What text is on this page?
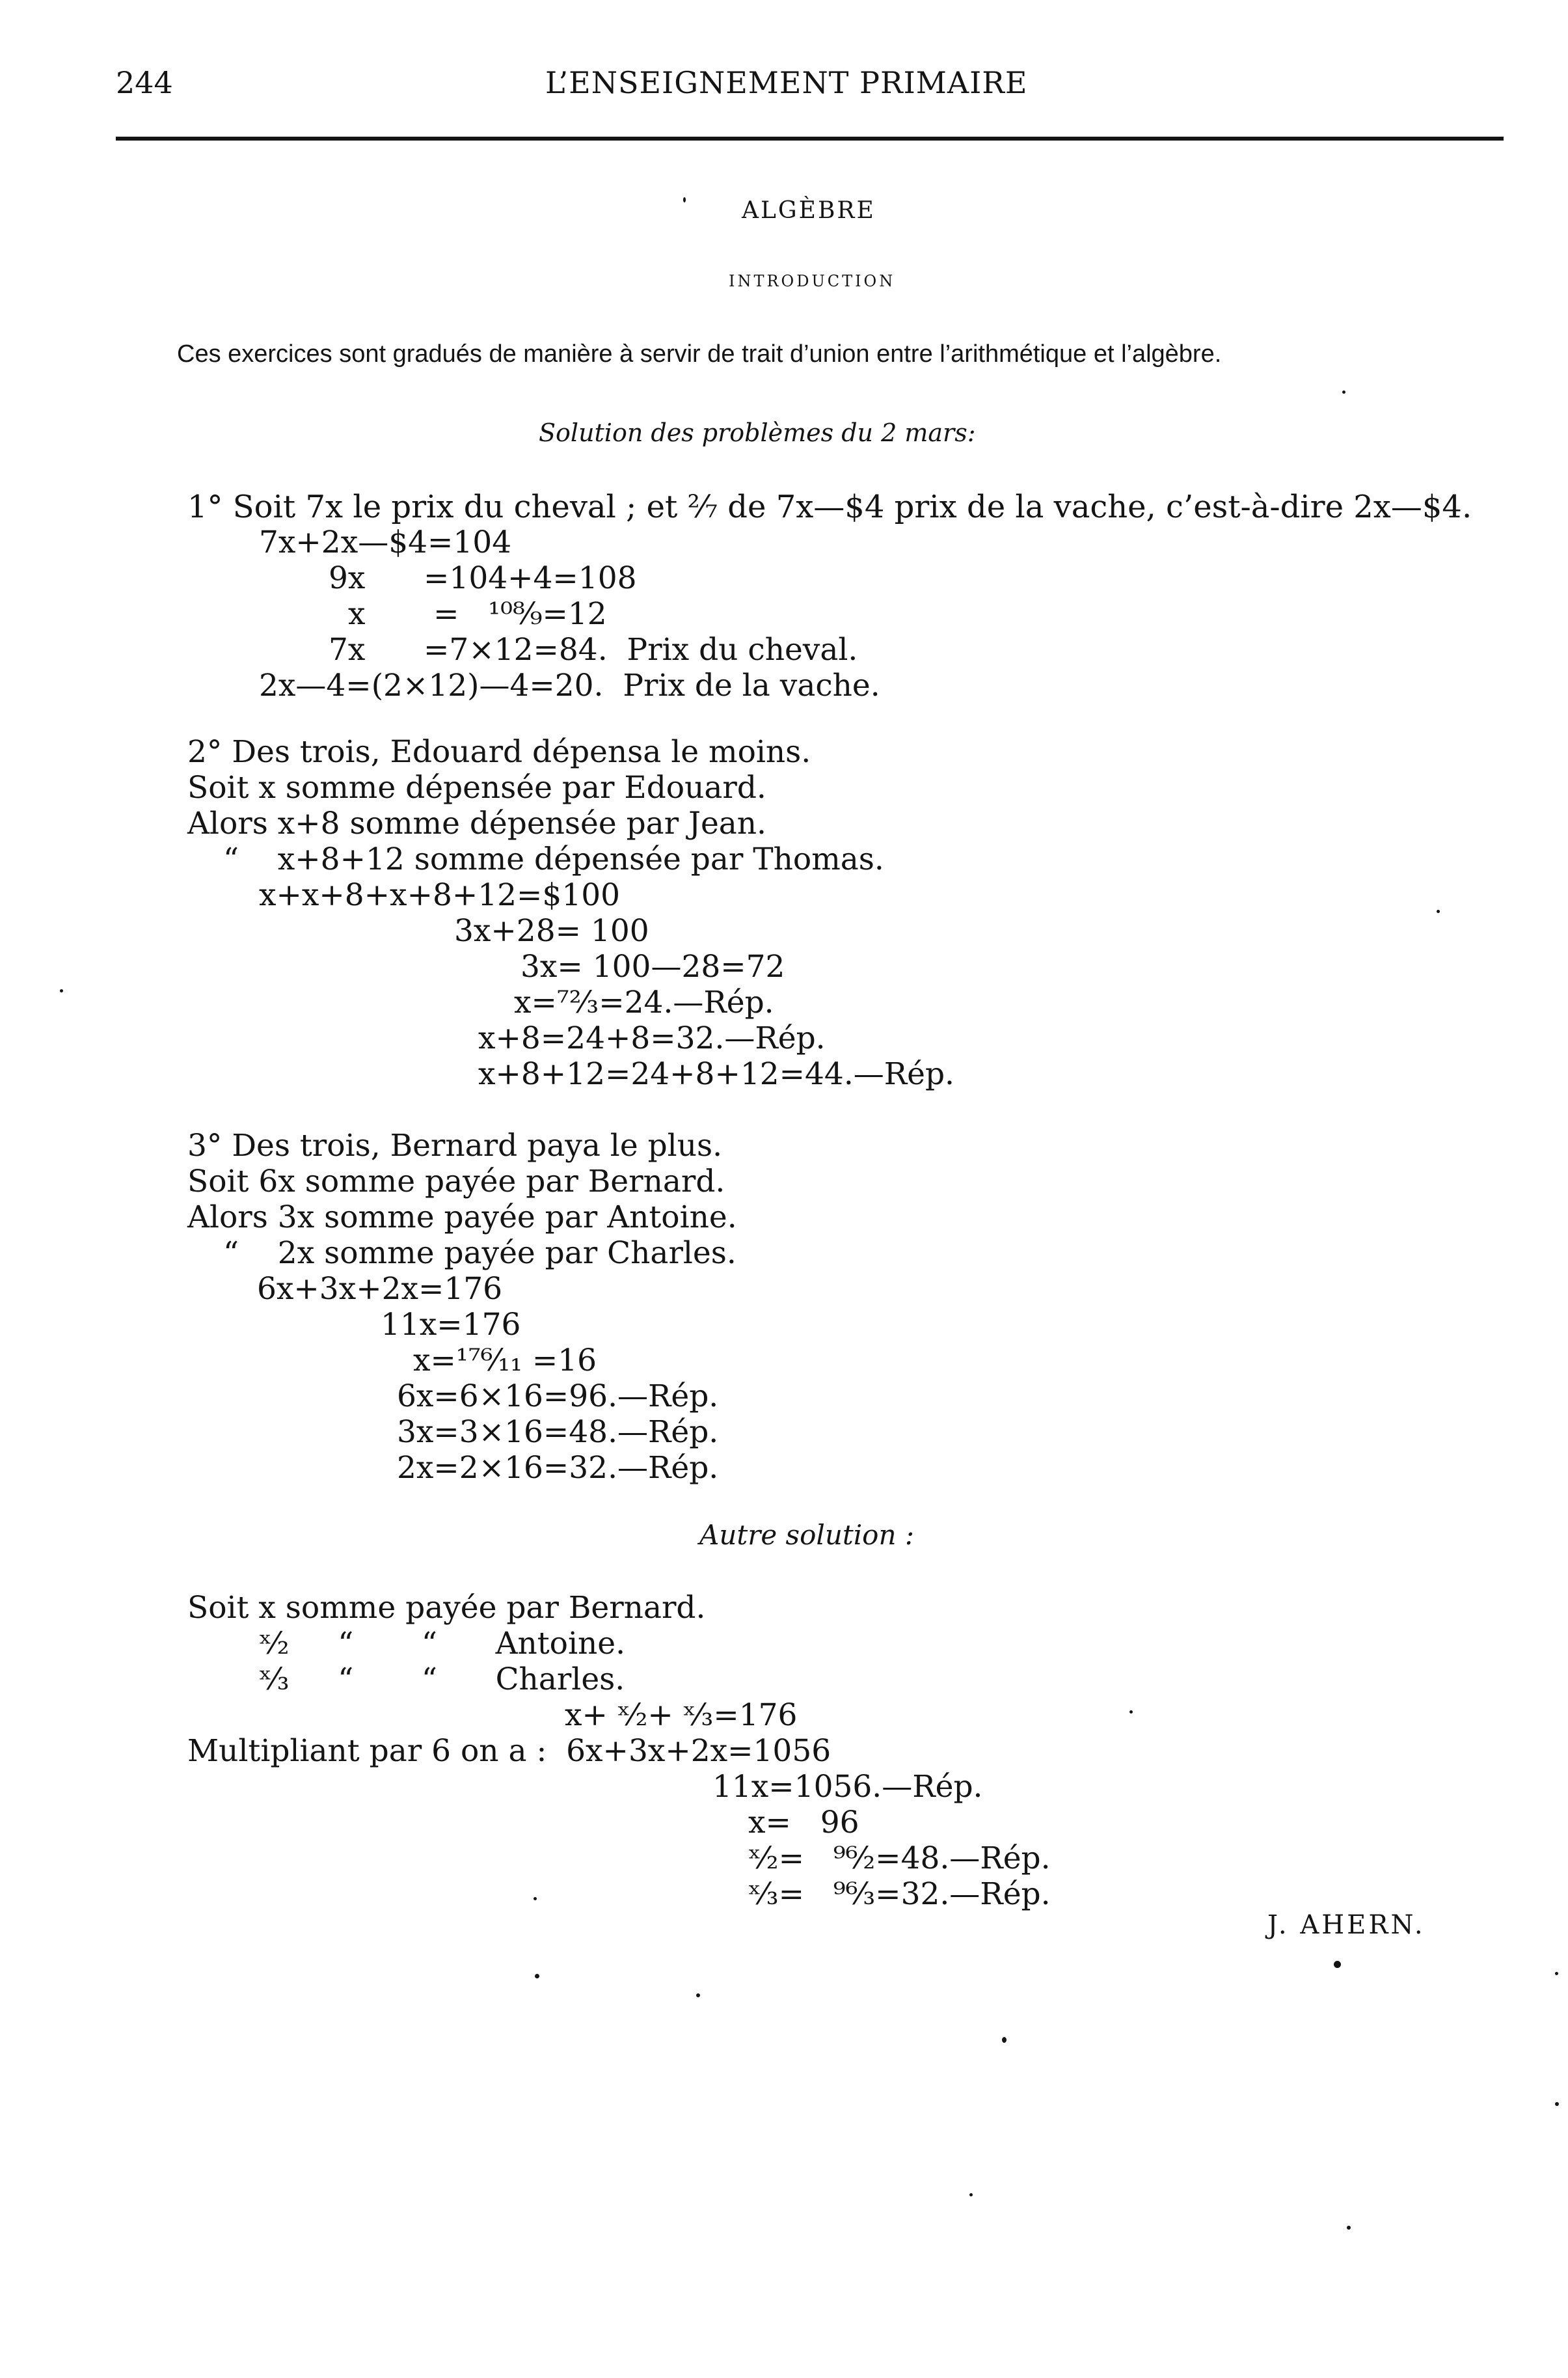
244	L’ENSEIGNEMENT PRIMAIRE
ALGÈBRE
INTRODUCTION
Ces exercices sont gradués de manière à servir de trait d’union entre l’arithmétique et l’algèbre.
Solution des problèmes du 2 mars:
1° Soit 7x le prix du cheval ; et ²⁄₇ de 7x—$4 prix de la vache, c’est-à-dire 2x—$4.
7x+2x—$4=104
9x      =104+4=108
x       =   ¹⁰⁸⁄₉=12
7x      =7×12=84.  Prix du cheval.
2x—4=(2×12)—4=20.  Prix de la vache.
2° Des trois, Edouard dépensa le moins.
Soit x somme dépensée par Edouard.
Alors x+8 somme dépensée par Jean.
“    x+8+12 somme dépensée par Thomas.
x+x+8+x+8+12=$100
3x+28= 100
3x= 100—28=72
x=⁷²⁄₃=24.—Rép.
x+8=24+8=32.—Rép.
x+8+12=24+8+12=44.—Rép.
3° Des trois, Bernard paya le plus.
Soit 6x somme payée par Bernard.
Alors 3x somme payée par Antoine.
“    2x somme payée par Charles.
6x+3x+2x=176
11x=176
x=¹⁷⁶⁄₁₁ =16
6x=6×16=96.—Rép.
3x=3×16=48.—Rép.
2x=2×16=32.—Rép.
Autre solution :
Soit x somme payée par Bernard.
ˣ⁄₂     “       “      Antoine.
ˣ⁄₃     “       “      Charles.
x+ ˣ⁄₂+ ˣ⁄₃=176
Multipliant par 6 on a :  6x+3x+2x=1056
11x=1056.—Rép.
x=   96
ˣ⁄₂=   ⁹⁶⁄₂=48.—Rép.
ˣ⁄₃=   ⁹⁶⁄₃=32.—Rép.
J. AHERN.
